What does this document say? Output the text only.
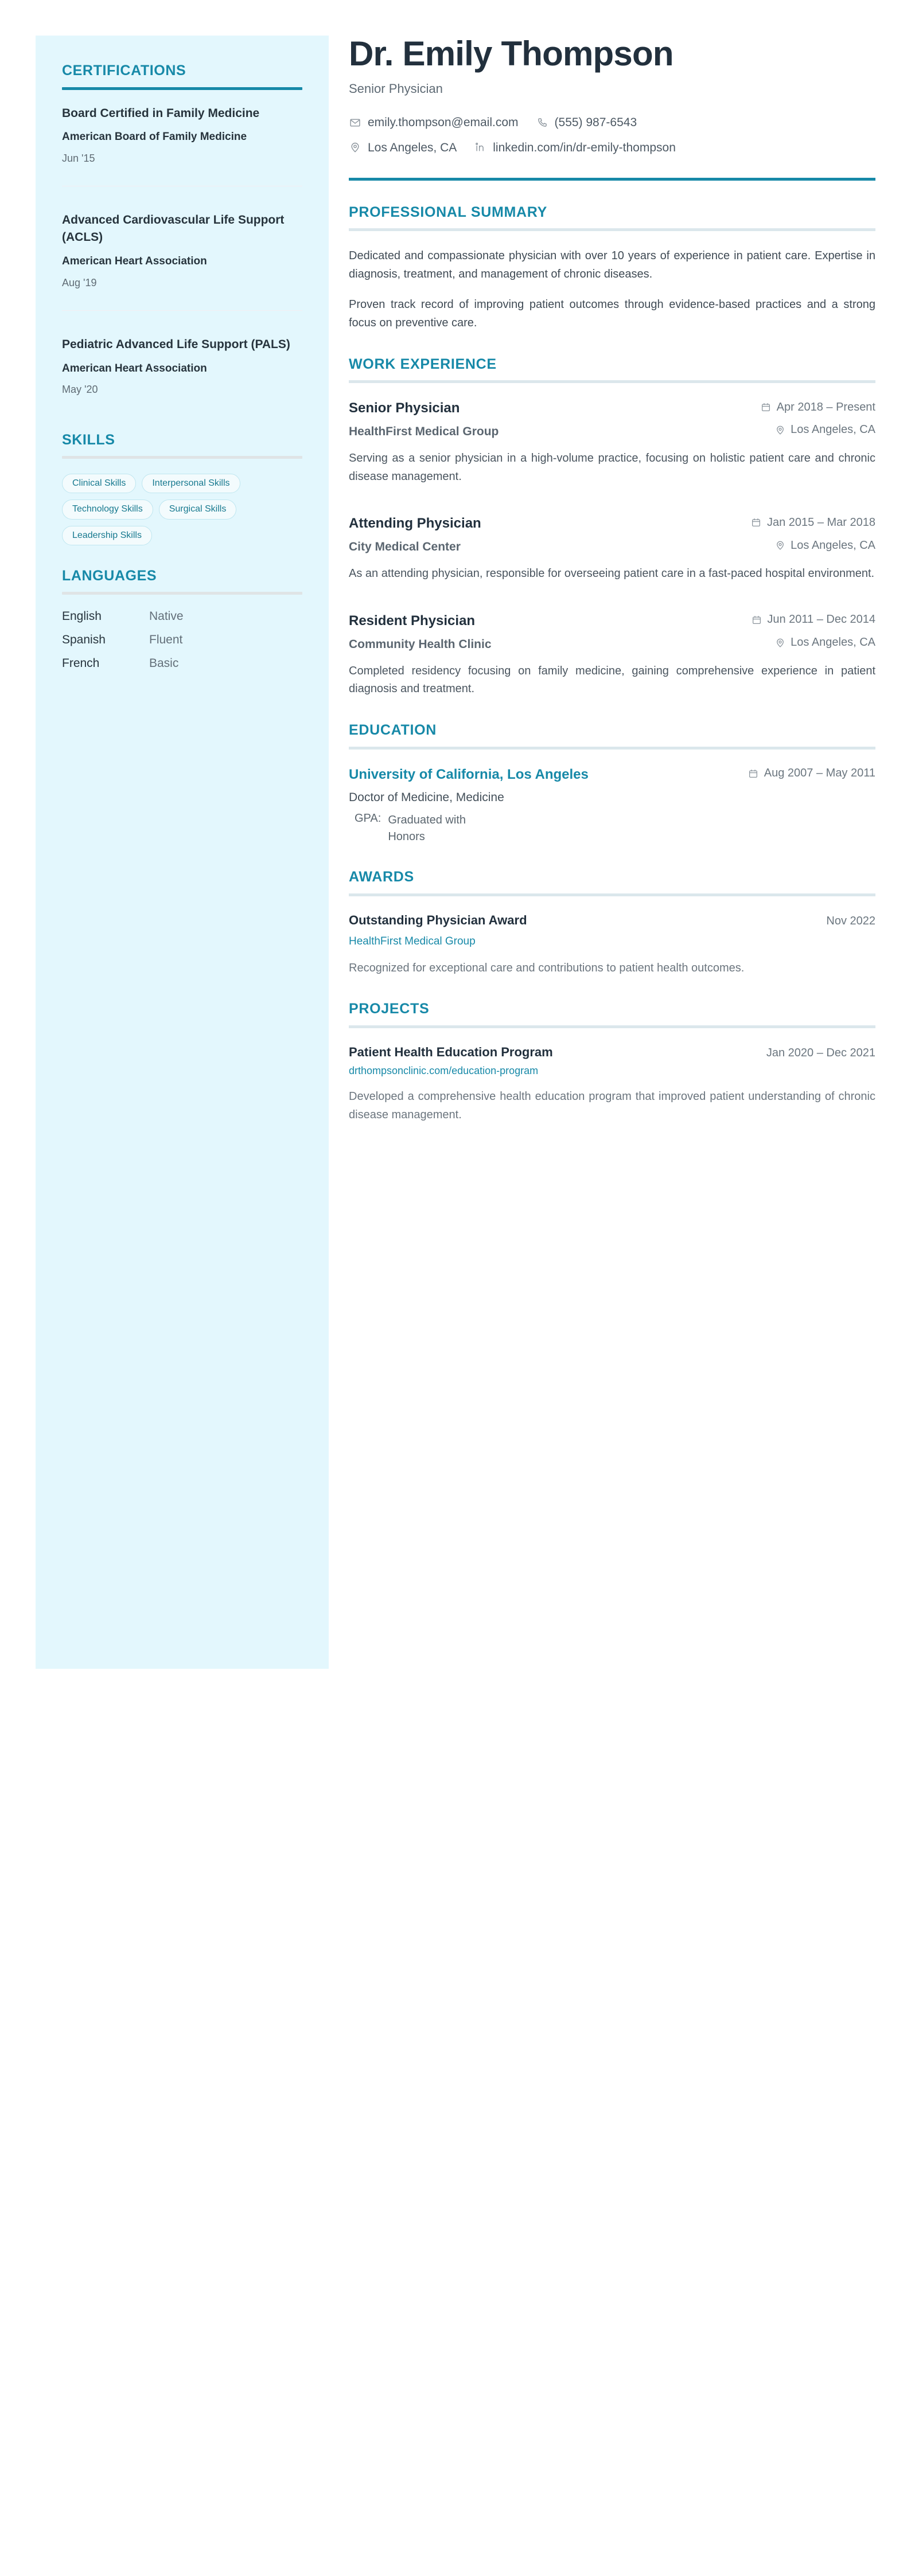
CERTIFICATIONS
Board Certified in Family Medicine
American Board of Family Medicine
Jun '15
Advanced Cardiovascular Life Support (ACLS)
American Heart Association
Aug '19
Pediatric Advanced Life Support (PALS)
American Heart Association
May '20
SKILLS
Clinical Skills	Interpersonal Skills
Technology Skills	Surgical Skills
Leadership Skills
LANGUAGES
English	Native
Spanish	Fluent
French	Basic
Dr. Emily Thompson
Senior Physician
emily.thompson@email.com	(555) 987-6543
Los Angeles, CA	linkedin.com/in/dr-emily-thompson
PROFESSIONAL SUMMARY

Dedicated and compassionate physician with over 10 years of experience in patient care. Expertise in diagnosis, treatment, and management of chronic diseases.

Proven track record of improving patient outcomes through evidence-based practices and a strong focus on preventive care.

WORK EXPERIENCE
Senior Physician	Apr 2018 – Present
HealthFirst Medical Group	Los Angeles, CA

Serving as a senior physician in a high-volume practice, focusing on holistic patient care and chronic disease management.

Attending Physician	Jan 2015 – Mar 2018
City Medical Center	Los Angeles, CA

As an attending physician, responsible for overseeing patient care in a fast-paced hospital environment.

Resident Physician	Jun 2011 – Dec 2014
Community Health Clinic	Los Angeles, CA

Completed residency focusing on family medicine, gaining comprehensive experience in patient diagnosis and treatment.

EDUCATION
University of California, Los Angeles	Aug 2007 – May 2011
Doctor of Medicine, Medicine
GPA: Graduated with Honors
AWARDS
Outstanding Physician Award	Nov 2022
HealthFirst Medical Group

Recognized for exceptional care and contributions to patient health outcomes.

PROJECTS
Patient Health Education Program	Jan 2020 – Dec 2021
drthompsonclinic.com/education-program

Developed a comprehensive health education program that improved patient understanding of chronic disease management.
